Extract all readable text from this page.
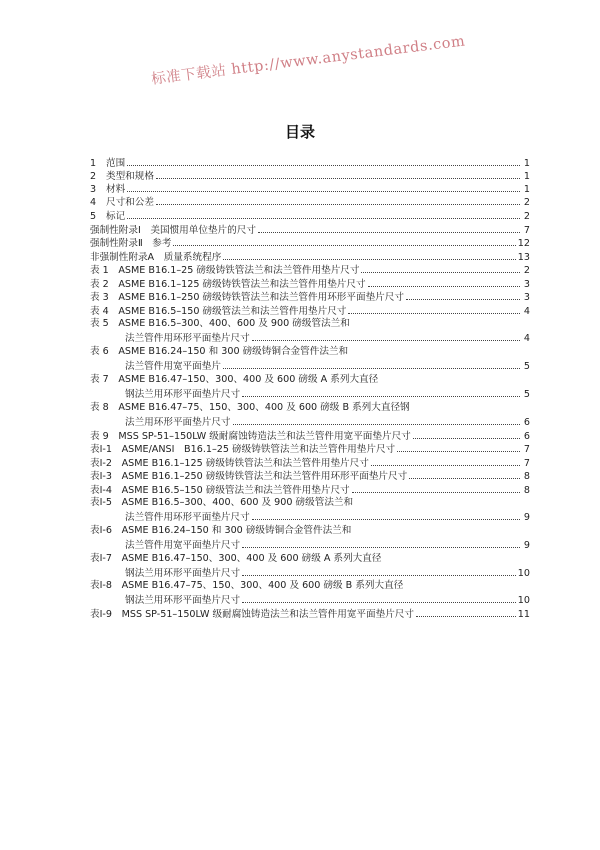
标准下载站 http://www.anystandards.com
目录
1	范围	1
2	类型和规格	1
3	材料	1
4	尺寸和公差	2
5	标记	2
强制性附录Ⅰ　美国惯用单位垫片的尺寸	7
强制性附录Ⅱ　参考	12
非强制性附录A　质量系统程序	13
表 1　ASME B16.1–25 磅级铸铁管法兰和法兰管件用垫片尺寸	2
表 2　ASME B16.1–125 磅级铸铁管法兰和法兰管件用垫片尺寸	3
表 3　ASME B16.1–250 磅级铸铁管法兰和法兰管件用环形平面垫片尺寸	3
表 4　ASME B16.5–150 磅级管法兰和法兰管件用垫片尺寸	4
表 5　ASME B16.5–300、400、600 及 900 磅级管法兰和
法兰管件用环形平面垫片尺寸	4
表 6　ASME B16.24–150 和 300 磅级铸铜合金管件法兰和
法兰管件用宽平面垫片	5
表 7　ASME B16.47–150、300、400 及 600 磅级 A 系列大直径
钢法兰用环形平面垫片尺寸	5
表 8　ASME B16.47–75、150、300、400 及 600 磅级 B 系列大直径钢
法兰用环形平面垫片尺寸	6
表 9　MSS SP-51–150LW 级耐腐蚀铸造法兰和法兰管件用宽平面垫片尺寸	6
表Ⅰ-1　ASME/ANSI　B16.1–25 磅级铸铁管法兰和法兰管件用垫片尺寸	7
表Ⅰ-2　ASME B16.1–125 磅级铸铁管法兰和法兰管件用垫片尺寸	7
表Ⅰ-3　ASME B16.1–250 磅级铸铁管法兰和法兰管件用环形平面垫片尺寸	8
表Ⅰ-4　ASME B16.5–150 磅级管法兰和法兰管件用垫片尺寸	8
表Ⅰ-5　ASME B16.5–300、400、600 及 900 磅级管法兰和
法兰管件用环形平面垫片尺寸	9
表Ⅰ-6　ASME B16.24–150 和 300 磅级铸铜合金管件法兰和
法兰管件用宽平面垫片尺寸	9
表Ⅰ-7　ASME B16.47–150、300、400 及 600 磅级 A 系列大直径
钢法兰用环形平面垫片尺寸	10
表Ⅰ-8　ASME B16.47–75、150、300、400 及 600 磅级 B 系列大直径
钢法兰用环形平面垫片尺寸	10
表Ⅰ-9　MSS SP-51–150LW 级耐腐蚀铸造法兰和法兰管件用宽平面垫片尺寸	11
